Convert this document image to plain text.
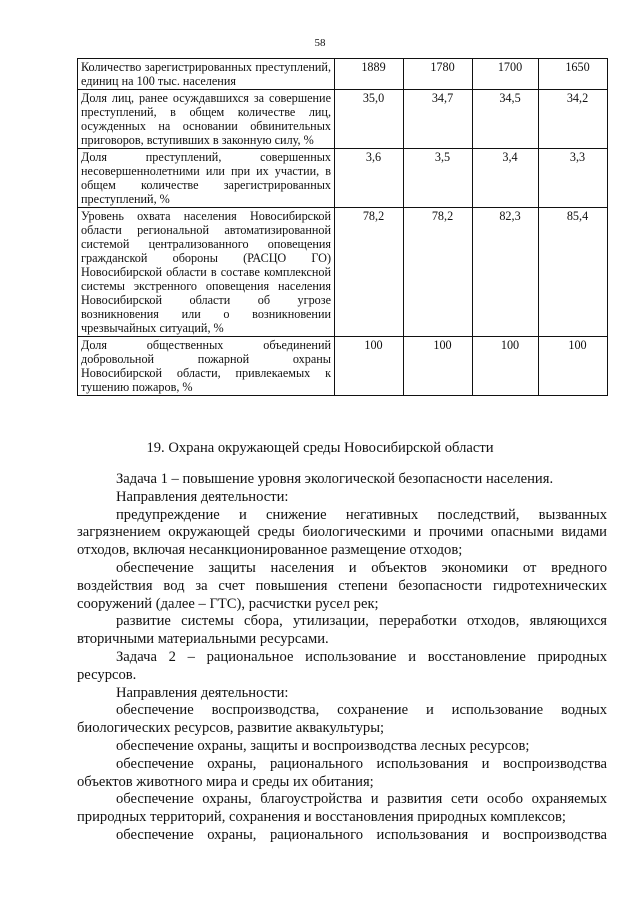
58
Количество зарегистрированных преступлений, единиц на 100 тыс. населения	1889	1780	1700	1650
Доля лиц, ранее осуждавшихся за совершение преступлений, в общем количестве лиц, осужденных на основании обвинительных приговоров, вступивших в законную силу, %	35,0	34,7	34,5	34,2
Доля преступлений, совершенных несовершеннолетними или при их участии, в общем количестве зарегистрированных преступлений, %	3,6	3,5	3,4	3,3
Уровень охвата населения Новосибирской области региональной автоматизированной системой централизованного оповещения гражданской обороны (РАСЦО ГО) Новосибирской области в составе комплексной системы экстренного оповещения населения Новосибирской области об угрозе возникновения или о возникновении чрезвычайных ситуаций, %	78,2	78,2	82,3	85,4
Доля общественных объединений добровольной пожарной охраны Новосибирской области, привлекаемых к тушению пожаров, %	100	100	100	100
19. Охрана окружающей среды Новосибирской области

Задача 1 – повышение уровня экологической безопасности населения.

Направления деятельности:

предупреждение и снижение негативных последствий, вызванных загрязнением окружающей среды биологическими и прочими опасными видами отходов, включая несанкционированное размещение отходов;

обеспечение защиты населения и объектов экономики от вредного воздействия вод за счет повышения степени безопасности гидротехнических сооружений (далее – ГТС), расчистки русел рек;

развитие системы сбора, утилизации, переработки отходов, являющихся вторичными материальными ресурсами.

Задача 2 – рациональное использование и восстановление природных ресурсов.

Направления деятельности:

обеспечение воспроизводства, сохранение и использование водных биологических ресурсов, развитие аквакультуры;

обеспечение охраны, защиты и воспроизводства лесных ресурсов;

обеспечение охраны, рационального использования и воспроизводства объектов животного мира и среды их обитания;

обеспечение охраны, благоустройства и развития сети особо охраняемых природных территорий, сохранения и восстановления природных комплексов;

обеспечение охраны, рационального использования и воспроизводства
